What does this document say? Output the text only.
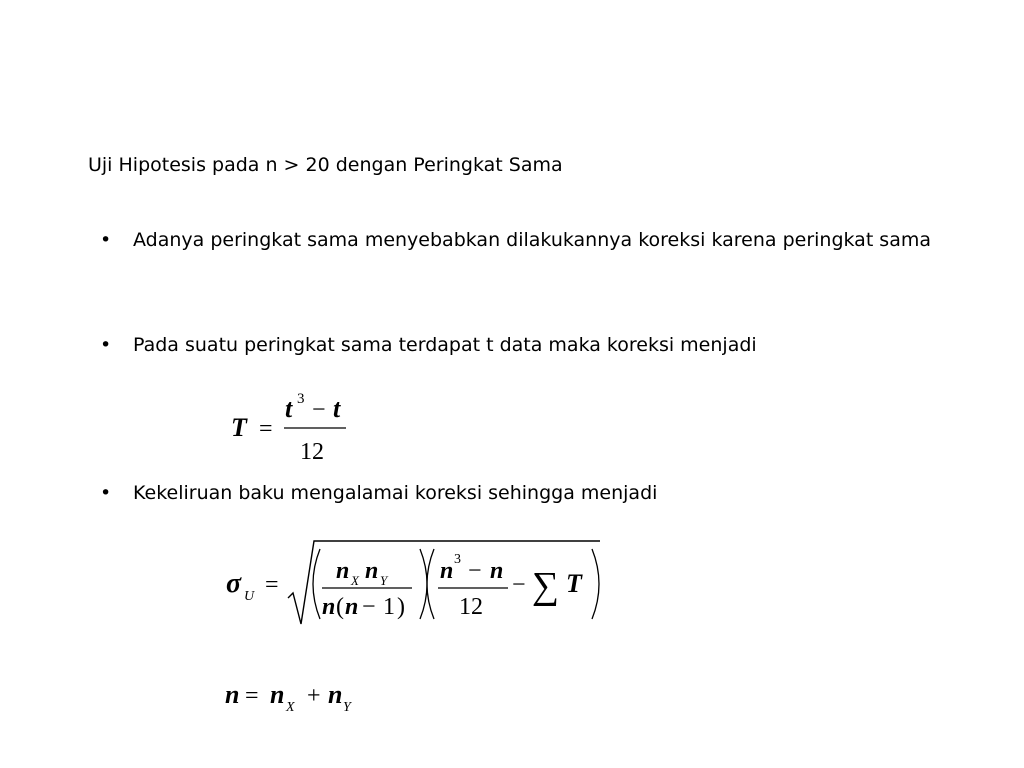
Uji Hipotesis pada n > 20 dengan Peringkat Sama
•	Adanya peringkat sama menyebabkan dilakukannya koreksi karena peringkat sama
•	Pada suatu peringkat sama terdapat t data maka koreksi menjadi
T =
t 3 − t
12
•	Kekeliruan baku mengalamai koreksi sehingga menjadi
σ U =
n X n Y
n ( n − 1 )
n 3 − n
12
− ∑ T
n = n X + n Y
